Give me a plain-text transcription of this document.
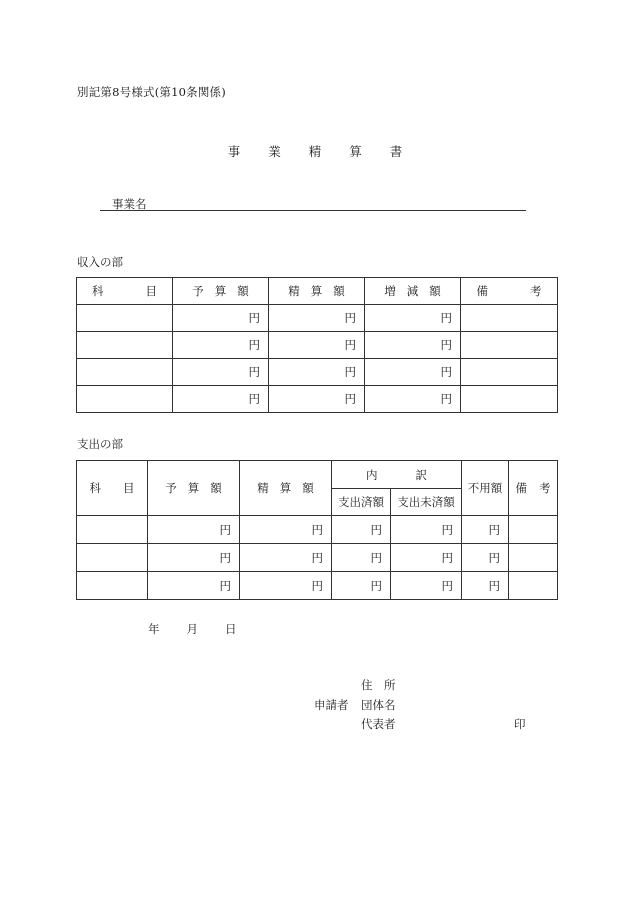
別記第8号様式(第10条関係)
事 業 精 算 書
事業名
収入の部
科 目	予 算 額	精 算 額	増 減 額	備 考
	円	円	円	
	円	円	円	
	円	円	円	
	円	円	円	
支出の部
科 目	予 算 額	精 算 額	内 訳		不用額	備 考
			支出済額	支出未済額		
	円	円	円	円	円	
	円	円	円	円	円	
	円	円	円	円	円	
年 月 日
住　所
申請者 団体名
代表者	印
